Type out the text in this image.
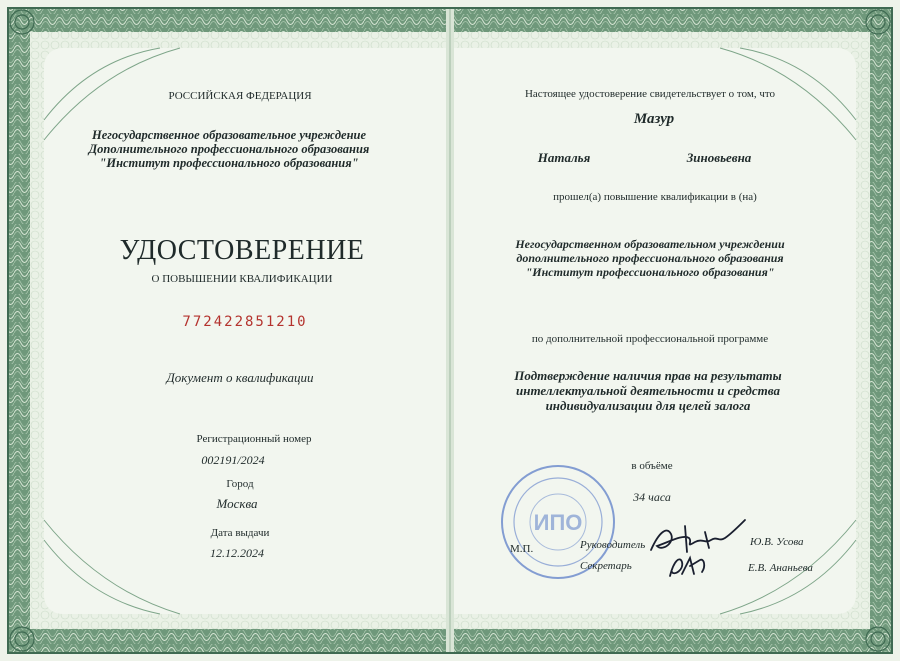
РОССИЙСКАЯ ФЕДЕРАЦИЯ
Негосударственное образовательное учреждение
Дополнительного профессионального образования
"Институт профессионального образования"
УДОСТОВЕРЕНИЕ
О ПОВЫШЕНИИ КВАЛИФИКАЦИИ
772422851210
Документ о квалификации
Регистрационный номер
002191/2024
Город
Москва
Дата выдачи
12.12.2024
Настоящее удостоверение свидетельствует о том, что
Мазур
Наталья	Зиновьевна
прошел(а) повышение квалификации в (на)
Негосударственном образовательном учреждении
дополнительного профессионального образования
"Институт профессионального образования"
по дополнительной профессиональной программе
Подтверждение наличия прав на результаты
интеллектуальной деятельности и средства
индивидуализации для целей залога
в объёме
34 часа
ИПО
М.П.	Руководитель	Ю.В. Усова
Секретарь	Е.В. Ананьева
